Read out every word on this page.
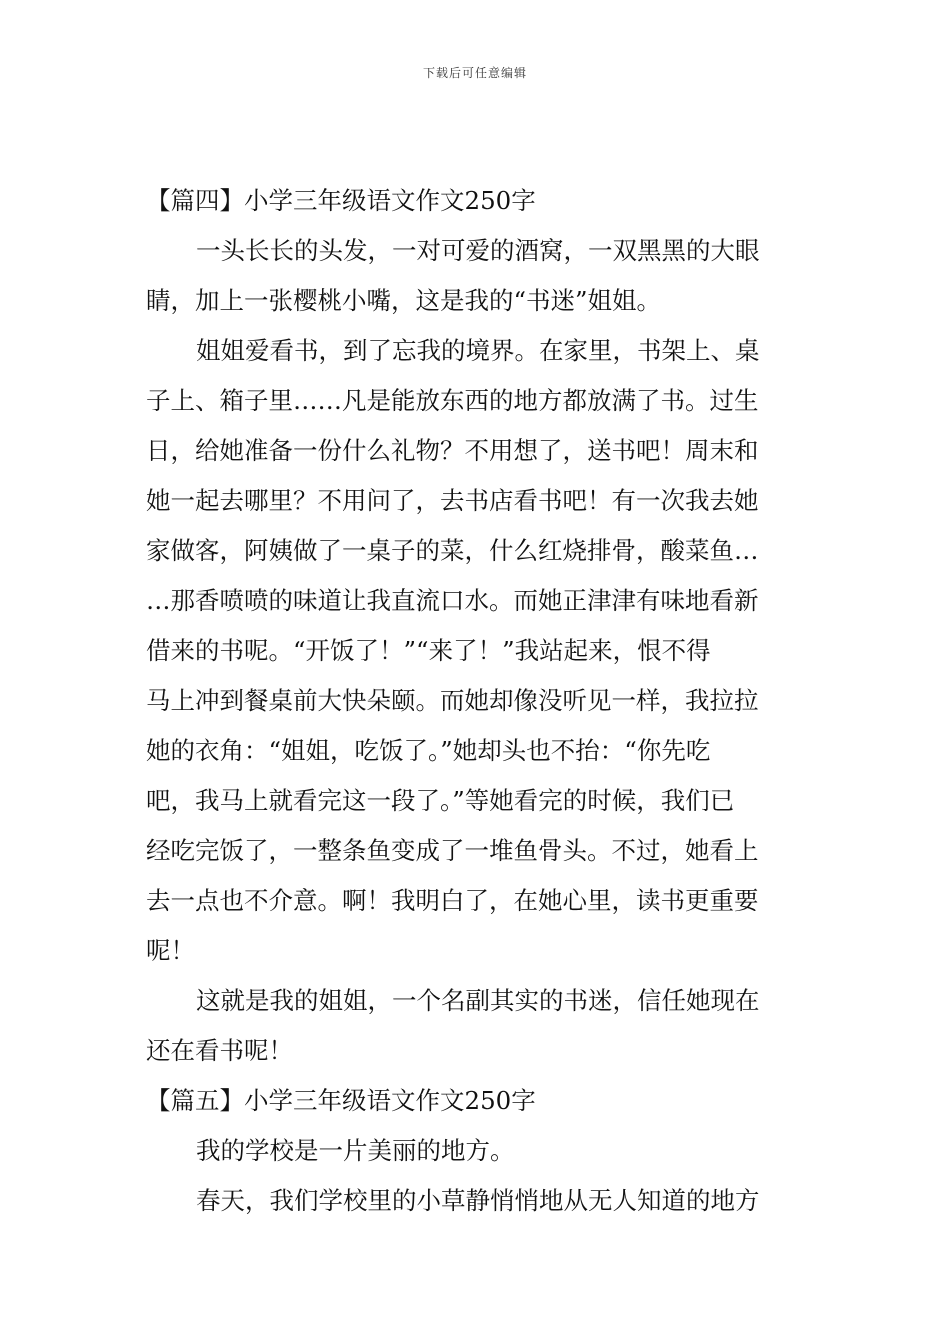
下载后可任意编辑
【篇四】小学三年级语文作文250字
一头长长的头发，一对可爱的酒窝，一双黑黑的大眼
睛，加上一张樱桃小嘴，这是我的“书迷”姐姐。
姐姐爱看书，到了忘我的境界。在家里，书架上、桌
子上、箱子里……凡是能放东西的地方都放满了书。过生
日，给她准备一份什么礼物？不用想了，送书吧！周末和
她一起去哪里？不用问了，去书店看书吧！有一次我去她
家做客，阿姨做了一桌子的菜，什么红烧排骨，酸菜鱼…
…那香喷喷的味道让我直流口水。而她正津津有味地看新
借来的书呢。“开饭了！”“来了！”我站起来，恨不得
马上冲到餐桌前大快朵颐。而她却像没听见一样，我拉拉
她的衣角：“姐姐，吃饭了。”她却头也不抬：“你先吃
吧，我马上就看完这一段了。”等她看完的时候，我们已
经吃完饭了，一整条鱼变成了一堆鱼骨头。不过，她看上
去一点也不介意。啊！我明白了，在她心里，读书更重要
呢！
这就是我的姐姐，一个名副其实的书迷，信任她现在
还在看书呢！
【篇五】小学三年级语文作文250字
我的学校是一片美丽的地方。
春天，我们学校里的小草静悄悄地从无人知道的地方
